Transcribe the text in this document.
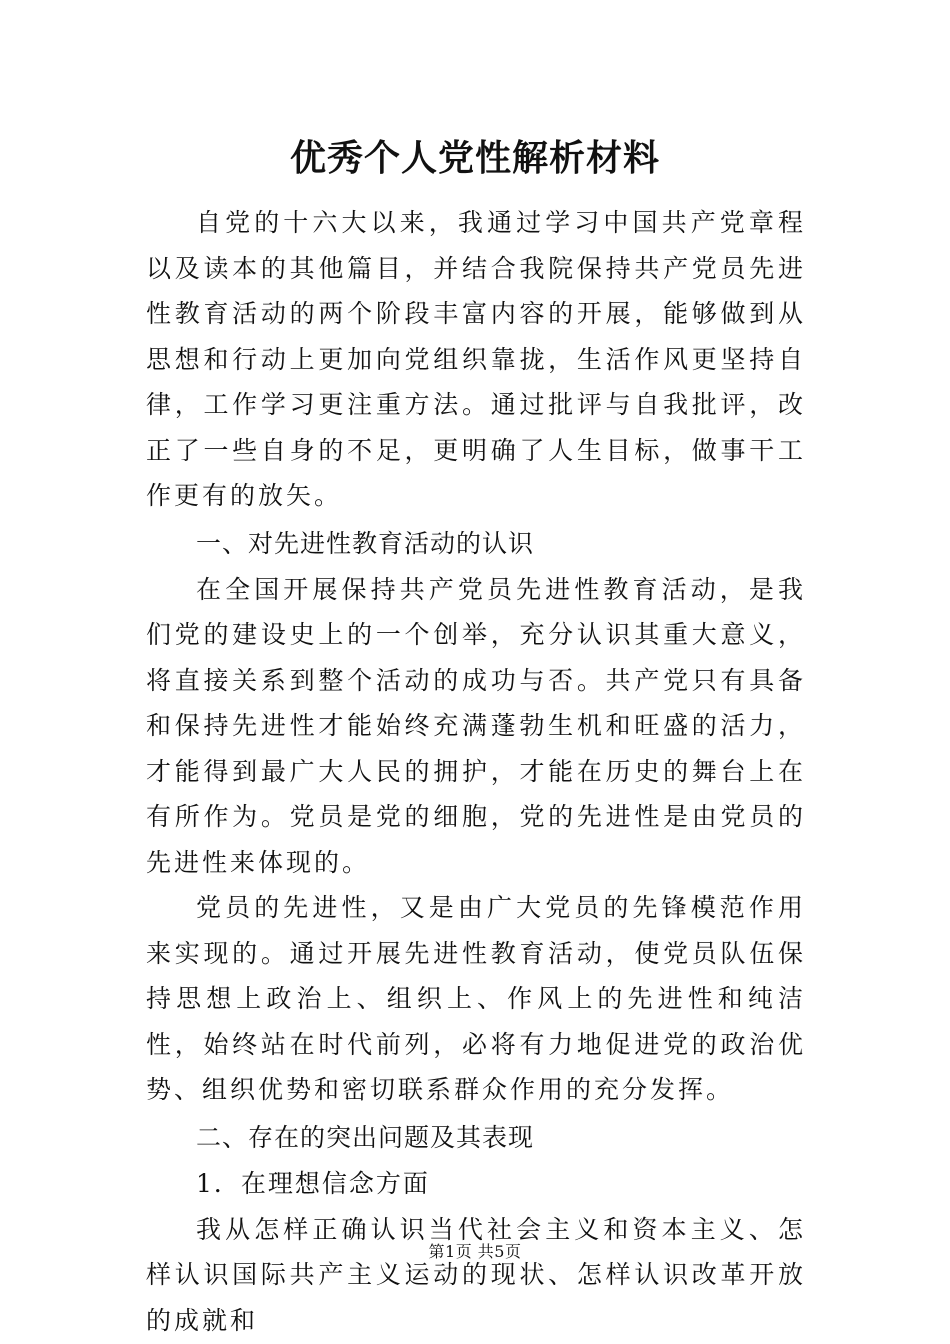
优秀个人党性解析材料

自党的十六大以来，我通过学习中国共产党章程以及读本的其他篇目，并结合我院保持共产党员先进性教育活动的两个阶段丰富内容的开展，能够做到从思想和行动上更加向党组织靠拢，生活作风更坚持自律，工作学习更注重方法。通过批评与自我批评，改正了一些自身的不足，更明确了人生目标，做事干工作更有的放矢。

一、对先进性教育活动的认识

在全国开展保持共产党员先进性教育活动，是我们党的建设史上的一个创举，充分认识其重大意义，将直接关系到整个活动的成功与否。共产党只有具备和保持先进性才能始终充满蓬勃生机和旺盛的活力，才能得到最广大人民的拥护，才能在历史的舞台上在有所作为。党员是党的细胞，党的先进性是由党员的先进性来体现的。

党员的先进性，又是由广大党员的先锋模范作用来实现的。通过开展先进性教育活动，使党员队伍保持思想上政治上、组织上、作风上的先进性和纯洁性，始终站在时代前列，必将有力地促进党的政治优势、组织优势和密切联系群众作用的充分发挥。

二、存在的突出问题及其表现

1．在理想信念方面

我从怎样正确认识当代社会主义和资本主义、怎样认识国际共产主义运动的现状、怎样认识改革开放的成就和

第1页 共5页
